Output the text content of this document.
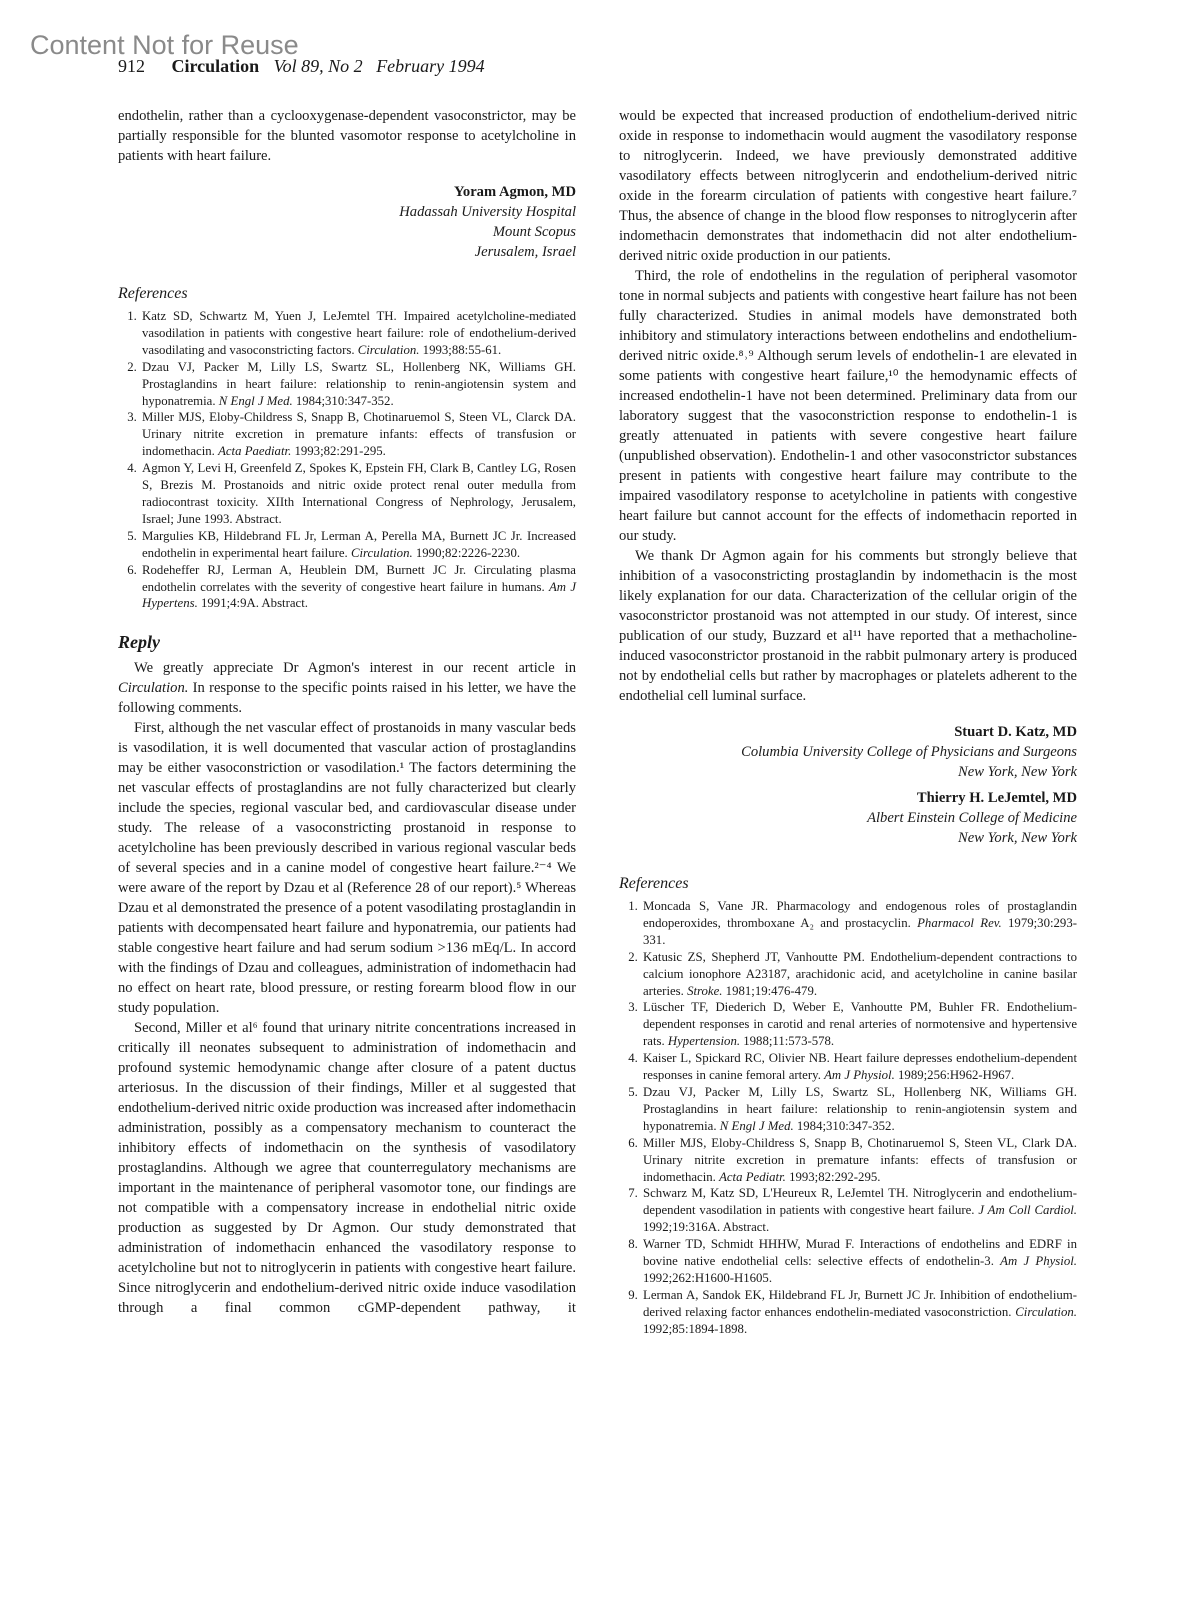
Content Not for Reuse
912 Circulation Vol 89, No 2 February 1994

endothelin, rather than a cyclooxygenase-dependent vasoconstrictor, may be partially responsible for the blunted vasomotor response to acetylcholine in patients with heart failure.

Yoram Agmon, MD
Hadassah University Hospital
Mount Scopus
Jerusalem, Israel
References
1. Katz SD, Schwartz M, Yuen J, LeJemtel TH. Impaired acetylcholine-mediated vasodilation in patients with congestive heart failure: role of endothelium-derived vasodilating and vasoconstricting factors. Circulation. 1993;88:55-61.
2. Dzau VJ, Packer M, Lilly LS, Swartz SL, Hollenberg NK, Williams GH. Prostaglandins in heart failure: relationship to renin-angiotensin system and hyponatremia. N Engl J Med. 1984;310:347-352.
3. Miller MJS, Eloby-Childress S, Snapp B, Chotinaruemol S, Steen VL, Clarck DA. Urinary nitrite excretion in premature infants: effects of transfusion or indomethacin. Acta Paediatr. 1993;82:291-295.
4. Agmon Y, Levi H, Greenfeld Z, Spokes K, Epstein FH, Clark B, Cantley LG, Rosen S, Brezis M. Prostanoids and nitric oxide protect renal outer medulla from radiocontrast toxicity. XIIth International Congress of Nephrology, Jerusalem, Israel; June 1993. Abstract.
5. Margulies KB, Hildebrand FL Jr, Lerman A, Perella MA, Burnett JC Jr. Increased endothelin in experimental heart failure. Circulation. 1990;82:2226-2230.
6. Rodeheffer RJ, Lerman A, Heublein DM, Burnett JC Jr. Circulating plasma endothelin correlates with the severity of congestive heart failure in humans. Am J Hypertens. 1991;4:9A. Abstract.
Reply

We greatly appreciate Dr Agmon's interest in our recent article in Circulation. In response to the specific points raised in his letter, we have the following comments.

First, although the net vascular effect of prostanoids in many vascular beds is vasodilation, it is well documented that vascular action of prostaglandins may be either vasoconstriction or vasodilation.¹ The factors determining the net vascular effects of prostaglandins are not fully characterized but clearly include the species, regional vascular bed, and cardiovascular disease under study. The release of a vasoconstricting prostanoid in response to acetylcholine has been previously described in various regional vascular beds of several species and in a canine model of congestive heart failure.²⁻⁴ We were aware of the report by Dzau et al (Reference 28 of our report).⁵ Whereas Dzau et al demonstrated the presence of a potent vasodilating prostaglandin in patients with decompensated heart failure and hyponatremia, our patients had stable congestive heart failure and had serum sodium >136 mEq/L. In accord with the findings of Dzau and colleagues, administration of indomethacin had no effect on heart rate, blood pressure, or resting forearm blood flow in our study population.

Second, Miller et al⁶ found that urinary nitrite concentrations increased in critically ill neonates subsequent to administration of indomethacin and profound systemic hemodynamic change after closure of a patent ductus arteriosus. In the discussion of their findings, Miller et al suggested that endothelium-derived nitric oxide production was increased after indomethacin administration, possibly as a compensatory mechanism to counteract the inhibitory effects of indomethacin on the synthesis of vasodilatory prostaglandins. Although we agree that counterregulatory mechanisms are important in the maintenance of peripheral vasomotor tone, our findings are not compatible with a compensatory increase in endothelial nitric oxide production as suggested by Dr Agmon. Our study demonstrated that administration of indomethacin enhanced the vasodilatory response to acetylcholine but not to nitroglycerin in patients with congestive heart failure. Since nitroglycerin and endothelium-derived nitric oxide induce vasodilation through a final common cGMP-dependent pathway, it

would be expected that increased production of endothelium-derived nitric oxide in response to indomethacin would augment the vasodilatory response to nitroglycerin. Indeed, we have previously demonstrated additive vasodilatory effects between nitroglycerin and endothelium-derived nitric oxide in the forearm circulation of patients with congestive heart failure.⁷ Thus, the absence of change in the blood flow responses to nitroglycerin after indomethacin demonstrates that indomethacin did not alter endothelium-derived nitric oxide production in our patients.

Third, the role of endothelins in the regulation of peripheral vasomotor tone in normal subjects and patients with congestive heart failure has not been fully characterized. Studies in animal models have demonstrated both inhibitory and stimulatory interactions between endothelins and endothelium-derived nitric oxide.⁸˒⁹ Although serum levels of endothelin-1 are elevated in some patients with congestive heart failure,¹⁰ the hemodynamic effects of increased endothelin-1 have not been determined. Preliminary data from our laboratory suggest that the vasoconstriction response to endothelin-1 is greatly attenuated in patients with severe congestive heart failure (unpublished observation). Endothelin-1 and other vasoconstrictor substances present in patients with congestive heart failure may contribute to the impaired vasodilatory response to acetylcholine in patients with congestive heart failure but cannot account for the effects of indomethacin reported in our study.

We thank Dr Agmon again for his comments but strongly believe that inhibition of a vasoconstricting prostaglandin by indomethacin is the most likely explanation for our data. Characterization of the cellular origin of the vasoconstrictor prostanoid was not attempted in our study. Of interest, since publication of our study, Buzzard et al¹¹ have reported that a methacholine-induced vasoconstrictor prostanoid in the rabbit pulmonary artery is produced not by endothelial cells but rather by macrophages or platelets adherent to the endothelial cell luminal surface.

Stuart D. Katz, MD
Columbia University College of Physicians and Surgeons
New York, New York
Thierry H. LeJemtel, MD
Albert Einstein College of Medicine
New York, New York
References
1. Moncada S, Vane JR. Pharmacology and endogenous roles of prostaglandin endoperoxides, thromboxane A₂ and prostacyclin. Pharmacol Rev. 1979;30:293-331.
2. Katusic ZS, Shepherd JT, Vanhoutte PM. Endothelium-dependent contractions to calcium ionophore A23187, arachidonic acid, and acetylcholine in canine basilar arteries. Stroke. 1981;19:476-479.
3. Lüscher TF, Diederich D, Weber E, Vanhoutte PM, Buhler FR. Endothelium-dependent responses in carotid and renal arteries of normotensive and hypertensive rats. Hypertension. 1988;11:573-578.
4. Kaiser L, Spickard RC, Olivier NB. Heart failure depresses endothelium-dependent responses in canine femoral artery. Am J Physiol. 1989;256:H962-H967.
5. Dzau VJ, Packer M, Lilly LS, Swartz SL, Hollenberg NK, Williams GH. Prostaglandins in heart failure: relationship to renin-angiotensin system and hyponatremia. N Engl J Med. 1984;310:347-352.
6. Miller MJS, Eloby-Childress S, Snapp B, Chotinaruemol S, Steen VL, Clark DA. Urinary nitrite excretion in premature infants: effects of transfusion or indomethacin. Acta Pediatr. 1993;82:292-295.
7. Schwarz M, Katz SD, L'Heureux R, LeJemtel TH. Nitroglycerin and endothelium-dependent vasodilation in patients with congestive heart failure. J Am Coll Cardiol. 1992;19:316A. Abstract.
8. Warner TD, Schmidt HHHW, Murad F. Interactions of endothelins and EDRF in bovine native endothelial cells: selective effects of endothelin-3. Am J Physiol. 1992;262:H1600-H1605.
9. Lerman A, Sandok EK, Hildebrand FL Jr, Burnett JC Jr. Inhibition of endothelium-derived relaxing factor enhances endothelin-mediated vasoconstriction. Circulation. 1992;85:1894-1898.
